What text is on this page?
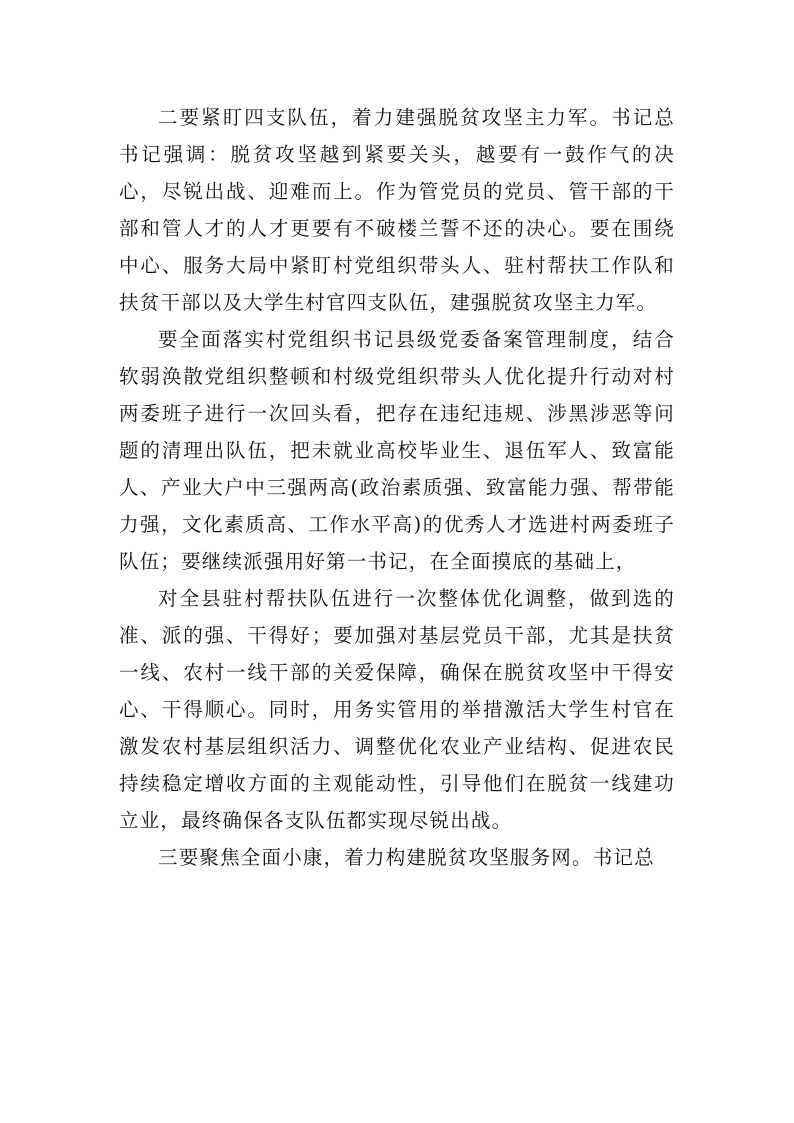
二要紧盯四支队伍，着力建强脱贫攻坚主力军。书记总书记强调：脱贫攻坚越到紧要关头，越要有一鼓作气的决心，尽锐出战、迎难而上。作为管党员的党员、管干部的干部和管人才的人才更要有不破楼兰誓不还的决心。要在围绕中心、服务大局中紧盯村党组织带头人、驻村帮扶工作队和扶贫干部以及大学生村官四支队伍，建强脱贫攻坚主力军。

要全面落实村党组织书记县级党委备案管理制度，结合软弱涣散党组织整顿和村级党组织带头人优化提升行动对村两委班子进行一次回头看，把存在违纪违规、涉黑涉恶等问题的清理出队伍，把未就业高校毕业生、退伍军人、致富能人、产业大户中三强两高(政治素质强、致富能力强、帮带能力强，文化素质高、工作水平高)的优秀人才选进村两委班子队伍；要继续派强用好第一书记，在全面摸底的基础上，

对全县驻村帮扶队伍进行一次整体优化调整，做到选的准、派的强、干得好；要加强对基层党员干部，尤其是扶贫一线、农村一线干部的关爱保障，确保在脱贫攻坚中干得安心、干得顺心。同时，用务实管用的举措激活大学生村官在激发农村基层组织活力、调整优化农业产业结构、促进农民持续稳定增收方面的主观能动性，引导他们在脱贫一线建功立业，最终确保各支队伍都实现尽锐出战。

三要聚焦全面小康，着力构建脱贫攻坚服务网。书记总
